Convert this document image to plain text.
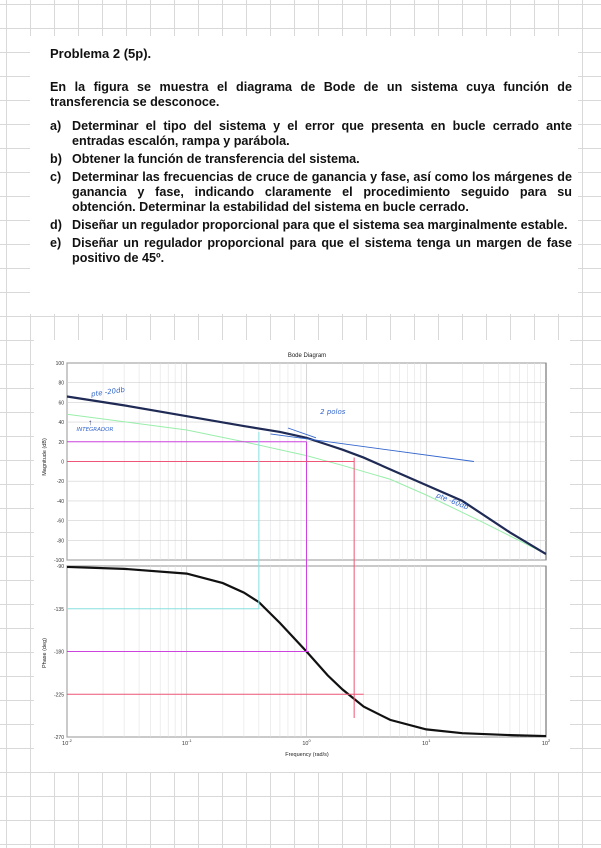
Problema 2 (5p).
En la figura se muestra el diagrama de Bode de un sistema cuya función de transferencia se desconoce.
a) Determinar el tipo del sistema y el error que presenta en bucle cerrado ante entradas escalón, rampa y parábola.
b) Obtener la función de transferencia del sistema.
c) Determinar las frecuencias de cruce de ganancia y fase, así como los márgenes de ganancia y fase, indicando claramente el procedimiento seguido para su obtención. Determinar la estabilidad del sistema en bucle cerrado.
d) Diseñar un regulador proporcional para que el sistema sea marginalmente estable.
e) Diseñar un regulador proporcional para que el sistema tenga un margen de fase positivo de 45º.
Bode Diagram
Magnitude (dB)
Phase (deg)
Frequency (rad/s)
100
80
60
40
20
0
-20
-40
-60
-80
-100
-90
-135
-180
-225
-270
$10^{-2}$
$10^{-1}$
$10^0$
$10^1$
$10^2$
pte -20db
↑
INTEGRADOR
2 polos
pte -60db
